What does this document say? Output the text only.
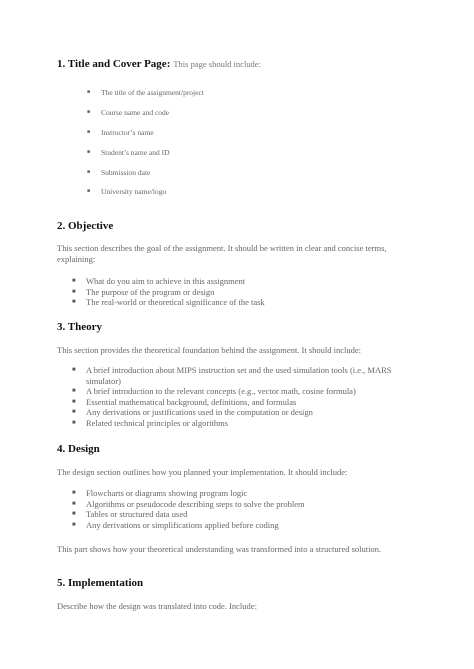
1. Title and Cover Page: This page should include:
■ The title of the assignment/project
■ Course name and code
■ Instructor’s name
■ Student’s name and ID
■ Submission date
■ University name/logo
2. Objective

This section describes the goal of the assignment. It should be written in clear and concise terms, explaining:

■ What do you aim to achieve in this assignment
■ The purpose of the program or design
■ The real-world or theoretical significance of the task
3. Theory

This section provides the theoretical foundation behind the assignment. It should include:

■ A brief introduction about MIPS instruction set and the used simulation tools (i.e., MARS simulator)
■ A brief introduction to the relevant concepts (e.g., vector math, cosine formula)
■ Essential mathematical background, definitions, and formulas
■ Any derivations or justifications used in the computation or design
■ Related technical principles or algorithms
4. Design

The design section outlines how you planned your implementation. It should include:

■ Flowcharts or diagrams showing program logic
■ Algorithms or pseudocode describing steps to solve the problem
■ Tables or structured data used
■ Any derivations or simplifications applied before coding

This part shows how your theoretical understanding was transformed into a structured solution.

5. Implementation

Describe how the design was translated into code. Include:
